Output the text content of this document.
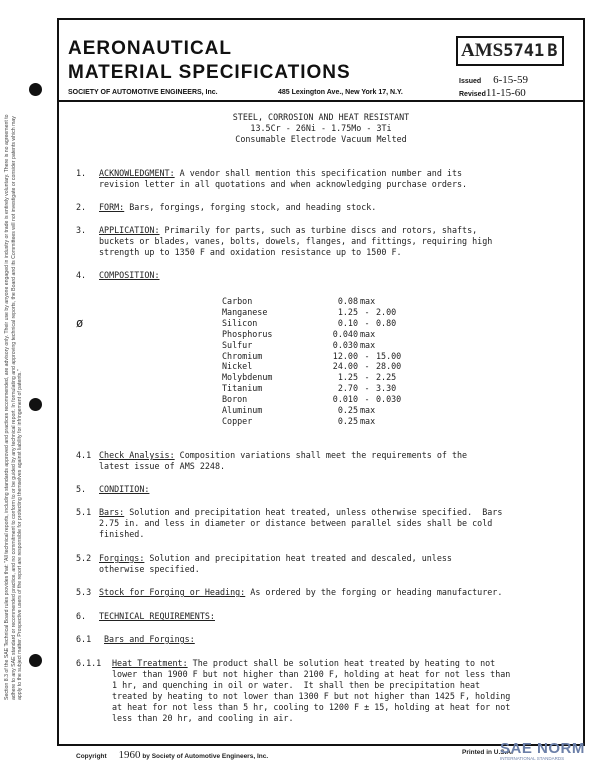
Section 8.3 of the SAE Technical Board rules provides that: "All technical reports, including standards approved and practices recommended, are advisory only. Their use by anyone engaged in industry or trade is entirely voluntary. There is no agreement to adhere to any SAE standard or recommended practice, and no commitment to conform to or be guided by any technical report. In formulating and approving technical reports, the Board and its Committees will not investigate or consider patents which may apply to the subject matter. Prospective users of the report are responsible for protecting themselves against liability for infringement of patents."
AERONAUTICAL
MATERIAL SPECIFICATIONS
SOCIETY OF AUTOMOTIVE ENGINEERS, Inc.	485 Lexington Ave., New York 17, N.Y.
AMS5741 B
Issued 6-15-59
Revised11-15-60
STEEL, CORROSION AND HEAT RESISTANT
13.5Cr - 26Ni - 1.75Mo - 3Ti
Consumable Electrode Vacuum Melted
1. ACKNOWLEDGMENT: A vendor shall mention this specification number and its
revision letter in all quotations and when acknowledging purchase orders.
2. FORM: Bars, forgings, forging stock, and heading stock.
3. APPLICATION: Primarily for parts, such as turbine discs and rotors, shafts,
buckets or blades, vanes, bolts, dowels, flanges, and fittings, requiring high
strength up to 1350 F and oxidation resistance up to 1500 F.
4. COMPOSITION:
ø
Carbon	0.08 max
Manganese	1.25 - 2.00
Silicon	0.10 - 0.80
Phosphorus	0.040 max
Sulfur	0.030 max
Chromium	12.00 - 15.00
Nickel	24.00 - 28.00
Molybdenum	1.25 - 2.25
Titanium	2.70 - 3.30
Boron	0.010 - 0.030
Aluminum	0.25 max
Copper	0.25 max
4.1 Check Analysis: Composition variations shall meet the requirements of the
latest issue of AMS 2248.
5. CONDITION:
5.1 Bars: Solution and precipitation heat treated, unless otherwise specified.  Bars
2.75 in. and less in diameter or distance between parallel sides shall be cold
finished.
5.2 Forgings: Solution and precipitation heat treated and descaled, unless
otherwise specified.
5.3 Stock for Forging or Heading: As ordered by the forging or heading manufacturer.
6. TECHNICAL REQUIREMENTS:
6.1 Bars and Forgings:
6.1.1 Heat Treatment: The product shall be solution heat treated by heating to not
lower than 1900 F but not higher than 2100 F, holding at heat for not less than
1 hr, and quenching in oil or water.  It shall then be precipitation heat
treated by heating to not lower than 1300 F but not higher than 1425 F, holding
at heat for not less than 5 hr, cooling to 1200 F ± 15, holding at heat for not
less than 20 hr, and cooling in air.
Copyright 1960 by Society of Automotive Engineers, Inc.
Printed in U.S.A.
SAE NORM
INTERNATIONAL STANDARDS
